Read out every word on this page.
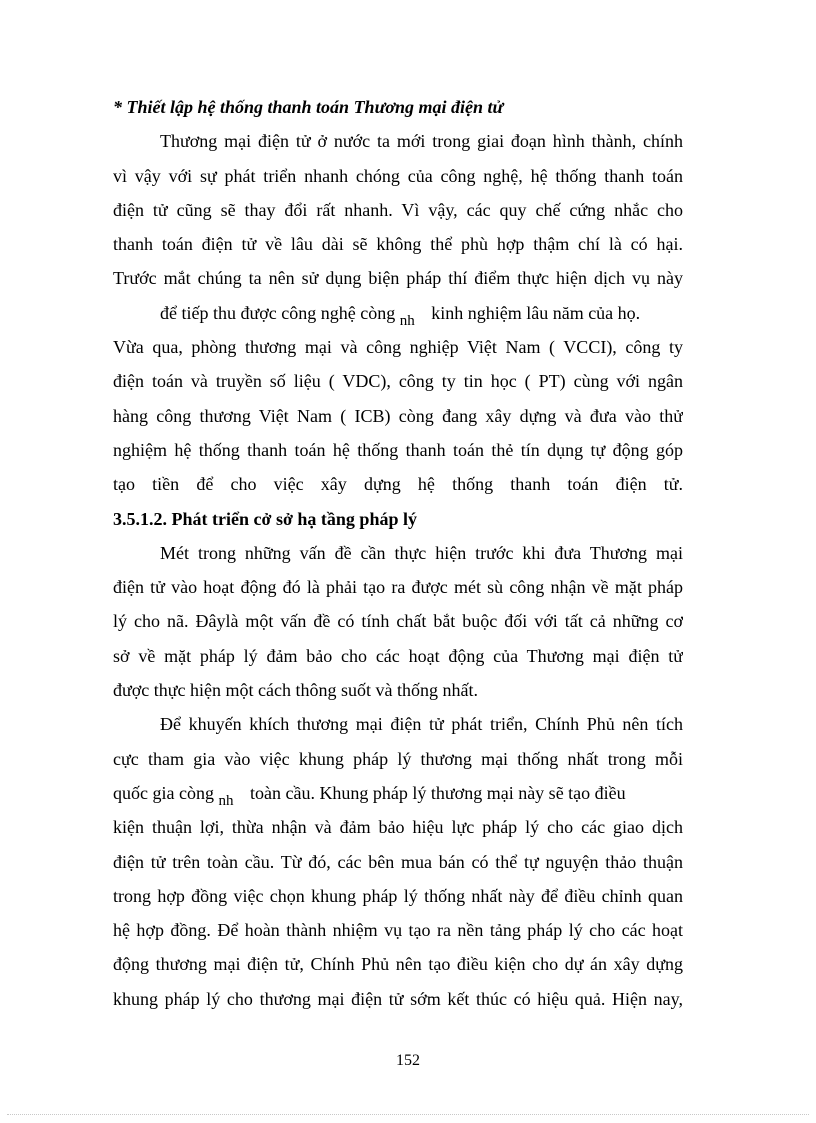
* Thiết lập hệ thống thanh toán Thương mại điện tử
Thương mại điện tử ở nước ta mới trong giai đoạn hình thành, chính
vì vậy với sự phát triển nhanh chóng của công nghệ, hệ thống thanh toán
điện tử cũng sẽ thay đổi rất nhanh. Vì vậy, các quy chế cứng nhắc cho
thanh toán điện tử về lâu dài sẽ không thể phù hợp thậm chí là có hại.
Trước mắt chúng ta nên sử dụng biện pháp thí điểm thực hiện dịch vụ này
để tiếp thu được công nghệ còng $_{nh}$ kinh nghiệm lâu năm của họ.
Vừa qua, phòng thương mại và công nghiệp Việt Nam ( VCCI), công ty
điện toán và truyền số liệu ( VDC), công ty tin học ( PT) cùng với ngân
hàng công thương Việt Nam ( ICB) còng đang xây dựng và đưa vào thử
nghiệm hệ thống thanh toán hệ thống thanh toán thẻ tín dụng tự động góp
tạo tiền để cho việc xây dựng hệ thống thanh toán điện tử.
3.5.1.2. Phát triển cở sở hạ tầng pháp lý
Mét trong những vấn đề cần thực hiện trước khi đưa Thương mại
điện tử vào hoạt động đó là phải tạo ra được mét sù công nhận về mặt pháp
lý cho nã. Đâylà một vấn đề có tính chất bắt buộc đối với tất cả những cơ
sở về mặt pháp lý đảm bảo cho các hoạt động của Thương mại điện tử
được thực hiện một cách thông suốt và thống nhất.
Để khuyến khích thương mại điện tử phát triển, Chính Phủ nên tích
cực tham gia vào việc khung pháp lý thương mại thống nhất trong mỗi
quốc gia còng $_{nh}$ toàn cầu. Khung pháp lý thương mại này sẽ tạo điều
kiện thuận lợi, thừa nhận và đảm bảo hiệu lực pháp lý cho các giao dịch
điện tử trên toàn cầu. Từ đó, các bên mua bán có thể tự nguyện thảo thuận
trong hợp đồng việc chọn khung pháp lý thống nhất này để điều chỉnh quan
hệ hợp đồng. Để hoàn thành nhiệm vụ tạo ra nền tảng pháp lý cho các hoạt
động thương mại điện tử, Chính Phủ nên tạo điều kiện cho dự án xây dựng
khung pháp lý cho thương mại điện tử sớm kết thúc có hiệu quả. Hiện nay,
152
